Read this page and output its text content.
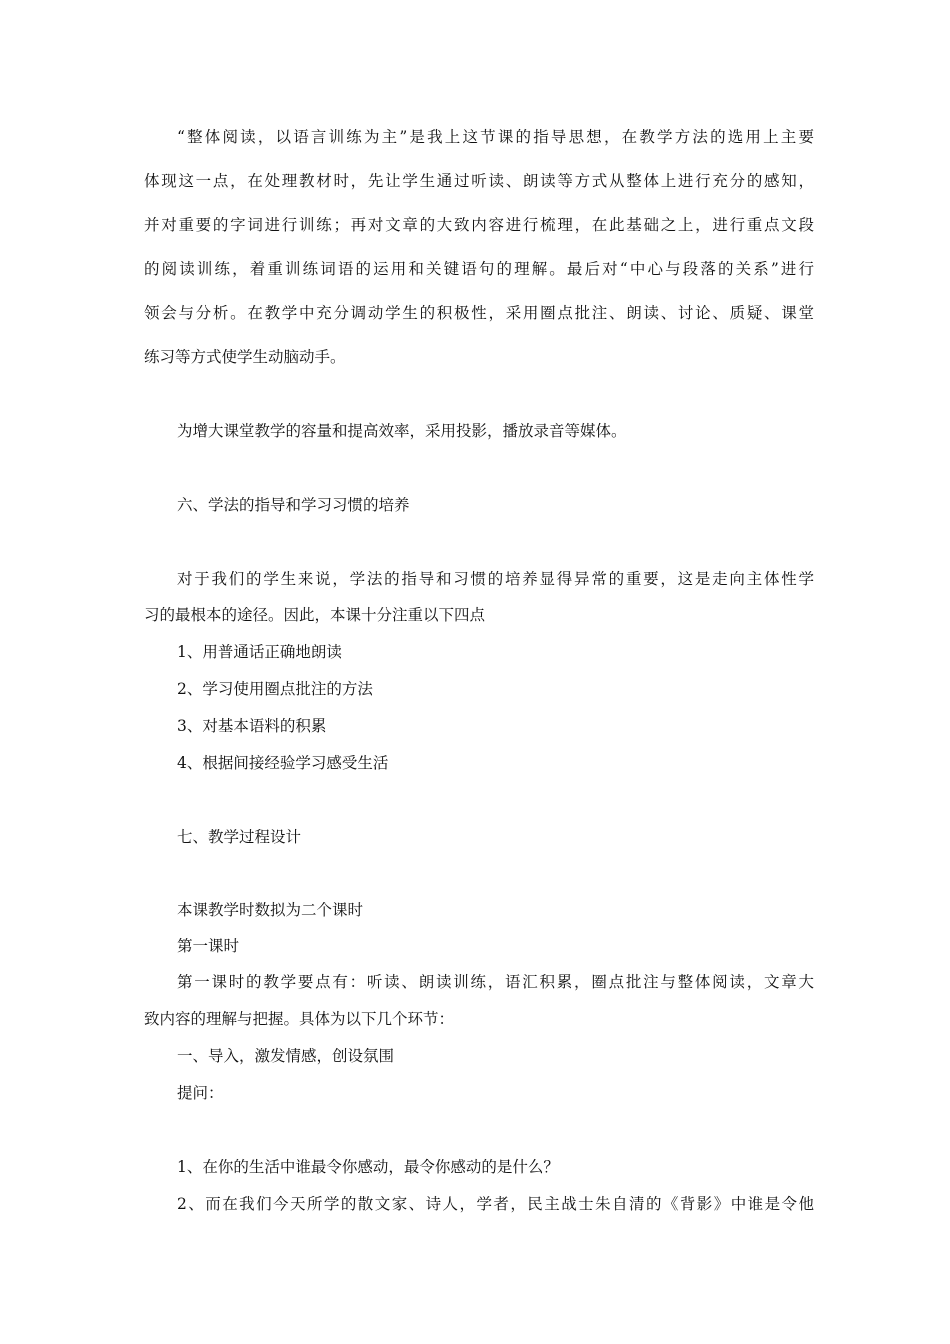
“整体阅读，以语言训练为主”是我上这节课的指导思想，在教学方法的选用上主要
体现这一点，在处理教材时，先让学生通过听读、朗读等方式从整体上进行充分的感知，
并对重要的字词进行训练；再对文章的大致内容进行梳理，在此基础之上，进行重点文段
的阅读训练，着重训练词语的运用和关键语句的理解。最后对“中心与段落的关系”进行
领会与分析。在教学中充分调动学生的积极性，采用圈点批注、朗读、讨论、质疑、课堂
练习等方式使学生动脑动手。
为增大课堂教学的容量和提高效率，采用投影，播放录音等媒体。
六、学法的指导和学习习惯的培养
对于我们的学生来说，学法的指导和习惯的培养显得异常的重要，这是走向主体性学
习的最根本的途径。因此，本课十分注重以下四点
1、用普通话正确地朗读
2、学习使用圈点批注的方法
3、对基本语料的积累
4、根据间接经验学习感受生活
七、教学过程设计
本课教学时数拟为二个课时
第一课时
第一课时的教学要点有：听读、朗读训练，语汇积累，圈点批注与整体阅读，文章大
致内容的理解与把握。具体为以下几个环节：
一、导入，激发情感，创设氛围
提问：
1、在你的生活中谁最令你感动，最令你感动的是什么？
2、而在我们今天所学的散文家、诗人，学者，民主战士朱自清的《背影》中谁是令他
